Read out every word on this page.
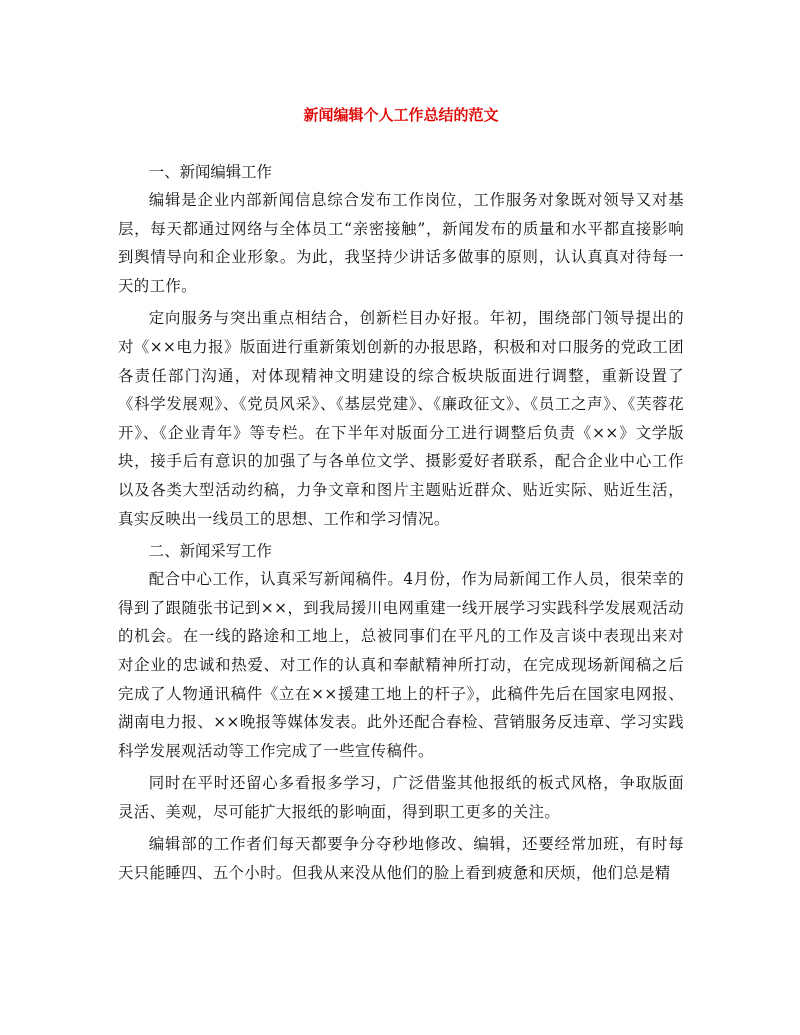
新闻编辑个人工作总结的范文

一、新闻编辑工作

编辑是企业内部新闻信息综合发布工作岗位，工作服务对象既对领导又对基层，每天都通过网络与全体员工“亲密接触”，新闻发布的质量和水平都直接影响到舆情导向和企业形象。为此，我坚持少讲话多做事的原则，认认真真对待每一天的工作。

定向服务与突出重点相结合，创新栏目办好报。年初，围绕部门领导提出的对《××电力报》版面进行重新策划创新的办报思路，积极和对口服务的党政工团各责任部门沟通，对体现精神文明建设的综合板块版面进行调整，重新设置了《科学发展观》、《党员风采》、《基层党建》、《廉政征文》、《员工之声》、《芙蓉花开》、《企业青年》等专栏。在下半年对版面分工进行调整后负责《××》文学版块，接手后有意识的加强了与各单位文学、摄影爱好者联系，配合企业中心工作以及各类大型活动约稿，力争文章和图片主题贴近群众、贴近实际、贴近生活，真实反映出一线员工的思想、工作和学习情况。

二、新闻采写工作

配合中心工作，认真采写新闻稿件。4月份，作为局新闻工作人员，很荣幸的得到了跟随张书记到××，到我局援川电网重建一线开展学习实践科学发展观活动的机会。在一线的路途和工地上，总被同事们在平凡的工作及言谈中表现出来对对企业的忠诚和热爱、对工作的认真和奉献精神所打动，在完成现场新闻稿之后完成了人物通讯稿件《立在××援建工地上的杆子》，此稿件先后在国家电网报、湖南电力报、××晚报等媒体发表。此外还配合春检、营销服务反违章、学习实践科学发展观活动等工作完成了一些宣传稿件。

同时在平时还留心多看报多学习，广泛借鉴其他报纸的板式风格，争取版面灵活、美观，尽可能扩大报纸的影响面，得到职工更多的关注。

编辑部的工作者们每天都要争分夺秒地修改、编辑，还要经常加班，有时每天只能睡四、五个小时。但我从来没从他们的脸上看到疲惫和厌烦，他们总是精
